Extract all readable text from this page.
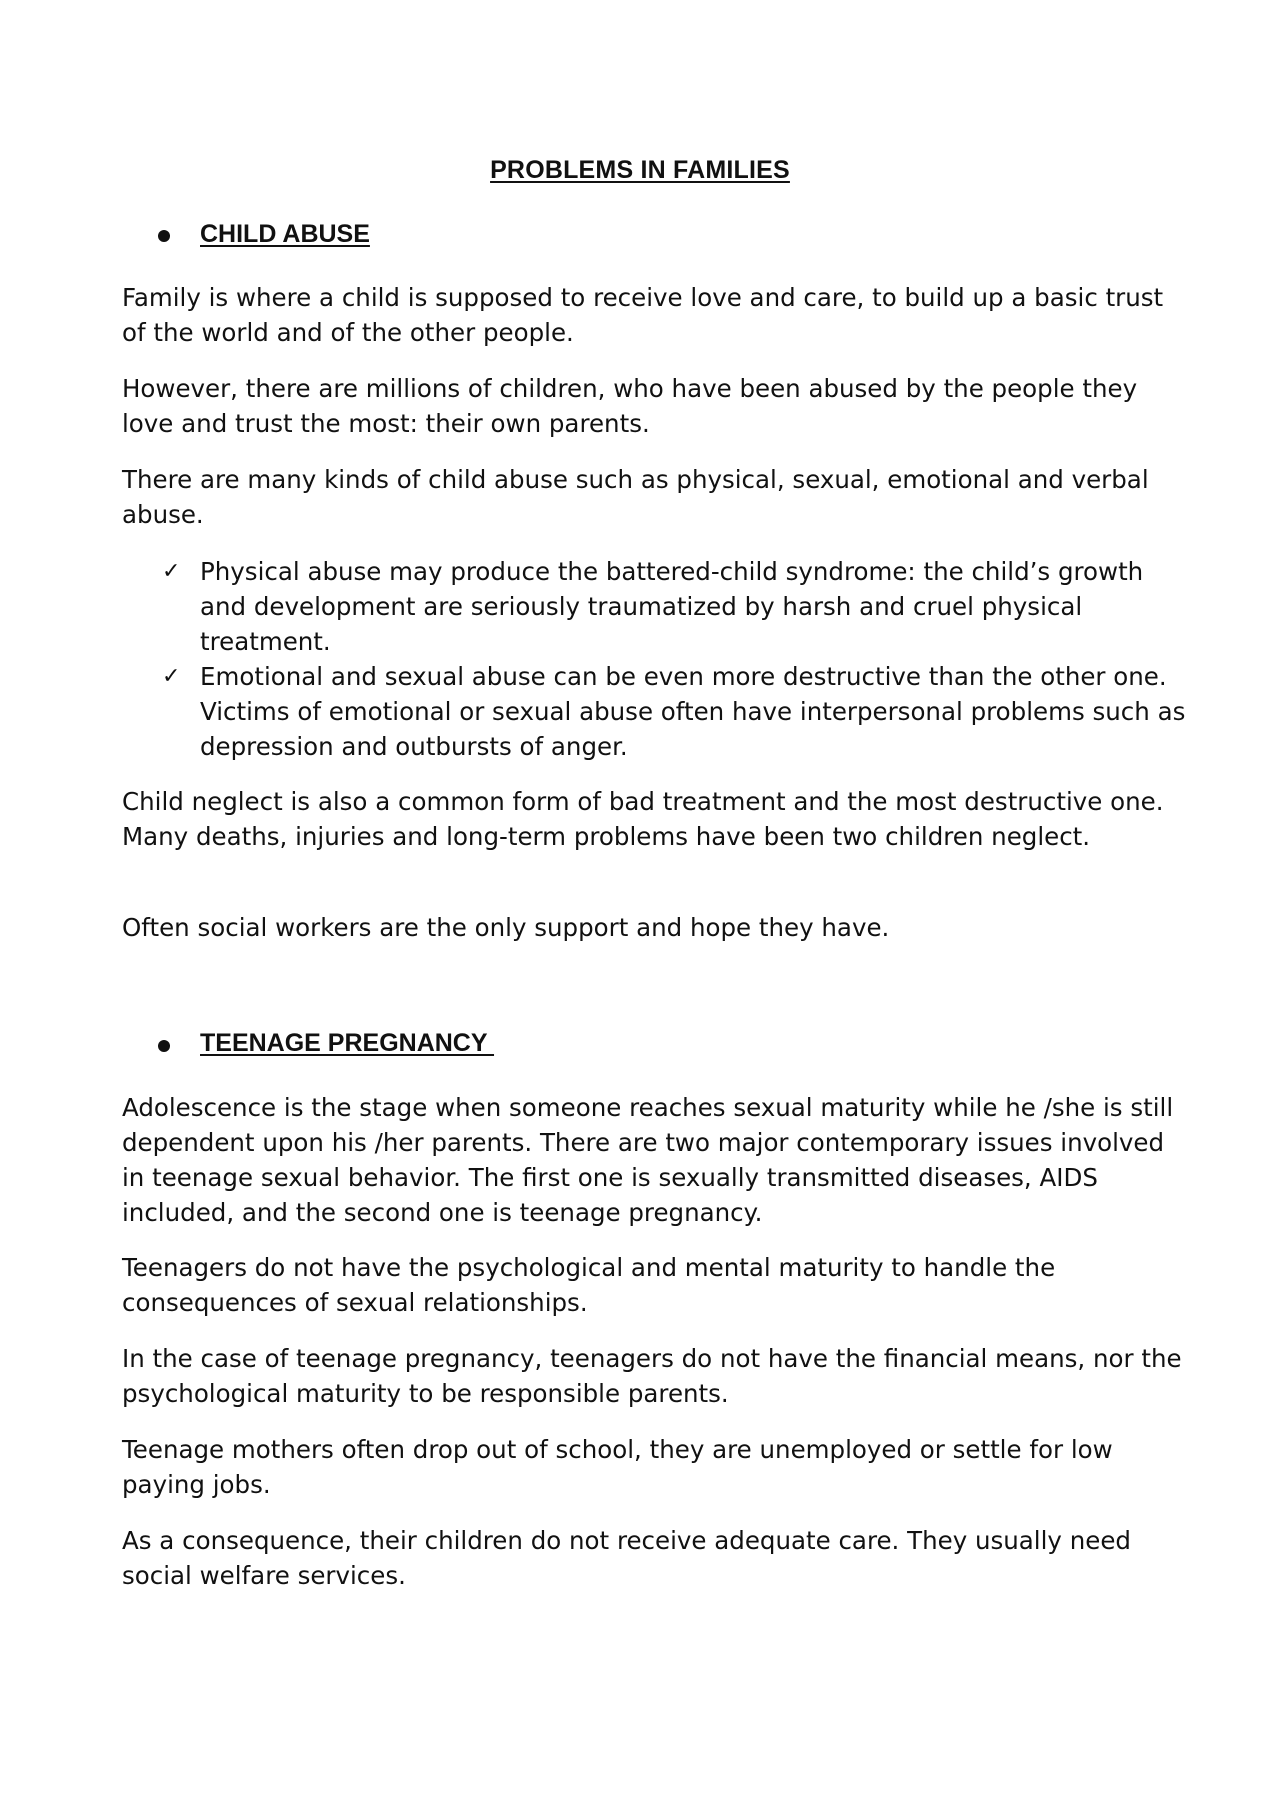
PROBLEMS IN FAMILIES
CHILD ABUSE

Family is where a child is supposed to receive love and care, to build up a basic trust of the world and of the other people.

However, there are millions of children, who have been abused by the people they love and trust the most: their own parents.

There are many kinds of child abuse such as physical, sexual, emotional and verbal abuse.

✓ Physical abuse may produce the battered-child syndrome: the child’s growth and development are seriously traumatized by harsh and cruel physical treatment.
✓ Emotional and sexual abuse can be even more destructive than the other one. Victims of emotional or sexual abuse often have interpersonal problems such as depression and outbursts of anger.

Child neglect is also a common form of bad treatment and the most destructive one. Many deaths, injuries and long-term problems have been two children neglect.

Often social workers are the only support and hope they have.

TEENAGE PREGNANCY

Adolescence is the stage when someone reaches sexual maturity while he /she is still dependent upon his /her parents. There are two major contemporary issues involved in teenage sexual behavior. The first one is sexually transmitted diseases, AIDS included, and the second one is teenage pregnancy.

Teenagers do not have the psychological and mental maturity to handle the consequences of sexual relationships.

In the case of teenage pregnancy, teenagers do not have the financial means, nor the psychological maturity to be responsible parents.

Teenage mothers often drop out of school, they are unemployed or settle for low paying jobs.

As a consequence, their children do not receive adequate care. They usually need social welfare services.
